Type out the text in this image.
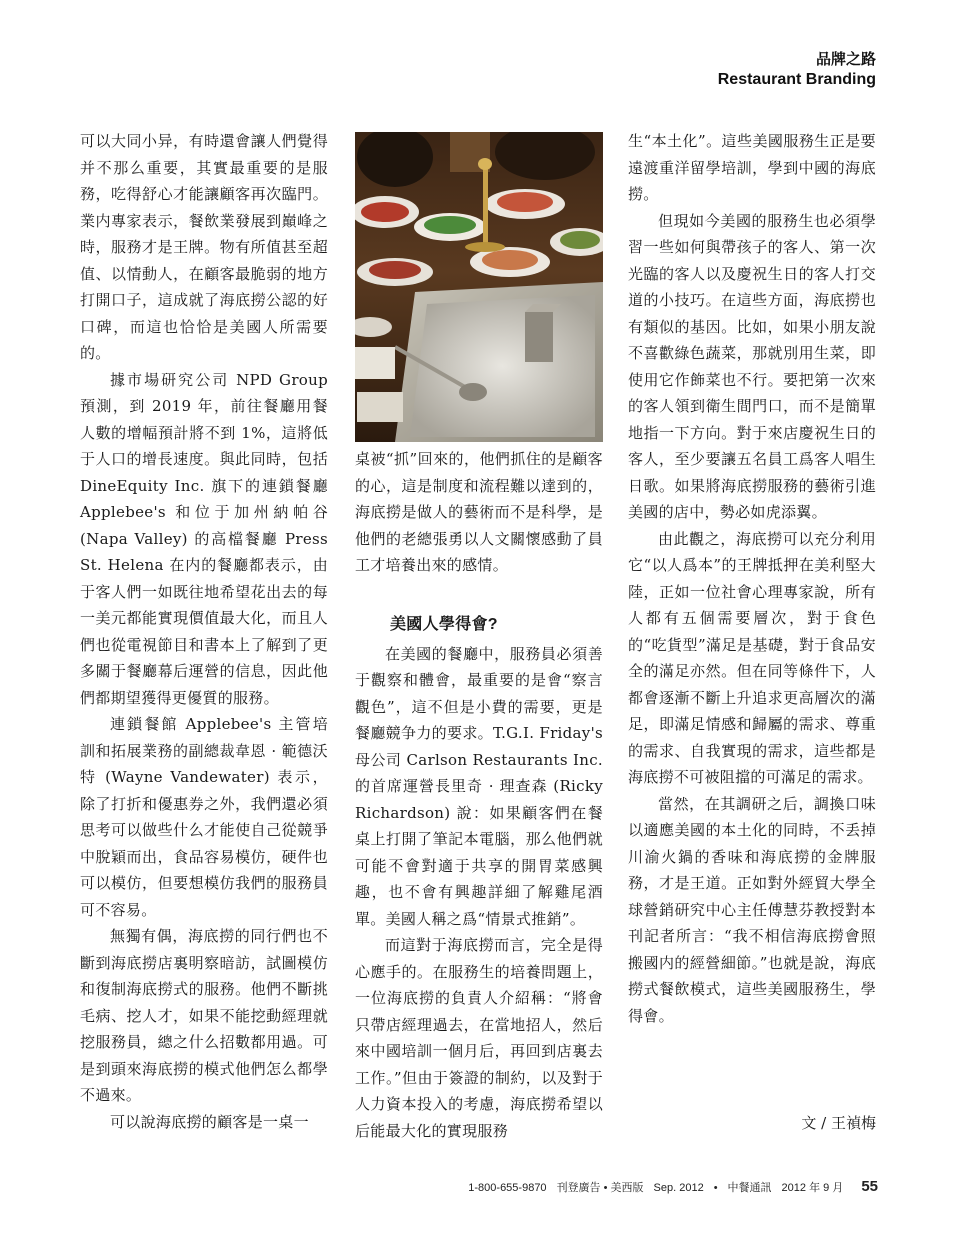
品牌之路
Restaurant Branding

可以大同小异，有時還會讓人們覺得并不那么重要，其實最重要的是服務，吃得舒心才能讓顧客再次臨門。業内專家表示，餐飲業發展到巔峰之時，服務才是王牌。物有所值甚至超值、以情動人，在顧客最脆弱的地方打開口子，這成就了海底撈公認的好口碑，而這也恰恰是美國人所需要的。

據市場研究公司 NPD Group 預測，到 2019 年，前往餐廳用餐人數的增幅預計將不到 1%，這將低于人口的增長速度。與此同時，包括 DineEquity Inc. 旗下的連鎖餐廳 Applebee's 和位于加州納帕谷 (Napa Valley) 的高檔餐廳 Press St. Helena 在内的餐廳都表示，由于客人們一如既往地希望花出去的每一美元都能實現價值最大化，而且人們也從電視節目和書本上了解到了更多關于餐廳幕后運營的信息，因此他們都期望獲得更優質的服務。

連鎖餐館 Applebee's 主管培訓和拓展業務的副總裁韋恩 · 範德沃特 (Wayne Vandewater) 表示，除了打折和優惠券之外，我們還必須思考可以做些什么才能使自己從競爭中脫穎而出，食品容易模仿，硬件也可以模仿，但要想模仿我們的服務員可不容易。

無獨有偶，海底撈的同行們也不斷到海底撈店裏明察暗訪，試圖模仿和復制海底撈式的服務。他們不斷挑毛病、挖人才，如果不能挖動經理就挖服務員，總之什么招數都用過。可是到頭來海底撈的模式他們怎么都學不過來。

可以說海底撈的顧客是一桌一

桌被“抓”回來的，他們抓住的是顧客的心，這是制度和流程難以達到的，海底撈是做人的藝術而不是科學，是他們的老總張勇以人文關懷感動了員工才培養出來的感情。

美國人學得會?

在美國的餐廳中，服務員必須善于觀察和體會，最重要的是會“察言觀色”，這不但是小費的需要，更是餐廳競争力的要求。T.G.I. Friday's 母公司 Carlson Restaurants Inc. 的首席運營長里奇 · 理查森 (Ricky Richardson) 說：如果顧客們在餐桌上打開了筆記本電腦，那么他們就可能不會對適于共享的開胃菜感興趣，也不會有興趣詳細了解雞尾酒單。美國人稱之爲“情景式推銷”。

而這對于海底撈而言，完全是得心應手的。在服務生的培養問題上，一位海底撈的負責人介紹稱：“將會只帶店經理過去，在當地招人，然后來中國培訓一個月后，再回到店裏去工作。”但由于簽證的制約，以及對于人力資本投入的考慮，海底撈希望以后能最大化的實現服務

生“本土化”。這些美國服務生正是要遠渡重洋留學培訓，學到中國的海底撈。

但現如今美國的服務生也必須學習一些如何與帶孩子的客人、第一次光臨的客人以及慶祝生日的客人打交道的小技巧。在這些方面，海底撈也有類似的基因。比如，如果小朋友說不喜歡綠色蔬菜，那就別用生菜，即使用它作飾菜也不行。要把第一次來的客人領到衛生間門口，而不是簡單地指一下方向。對于來店慶祝生日的客人，至少要讓五名員工爲客人唱生日歌。如果將海底撈服務的藝術引進美國的店中，勢必如虎添翼。

由此觀之，海底撈可以充分利用它“以人爲本”的王牌抵押在美利堅大陸，正如一位社會心理專家說，所有人都有五個需要層次，對于食色的“吃貨型”滿足是基礎，對于食品安全的滿足亦然。但在同等條件下，人都會逐漸不斷上升追求更高層次的滿足，即滿足情感和歸屬的需求、尊重的需求、自我實現的需求，這些都是海底撈不可被阻擋的可滿足的需求。

當然，在其調研之后，調換口味以適應美國的本土化的同時，不丢掉川渝火鍋的香味和海底撈的金牌服務，才是王道。正如對外經貿大學全球營銷研究中心主任傅慧芬教授對本刊記者所言：“我不相信海底撈會照搬國内的經營細節。”也就是說，海底撈式餐飲模式，這些美國服務生，學得會。

文 / 王禎梅
1-800-655-9870 刊登廣告 • 美西版 Sep. 2012 • 中餐通訊 2012 年 9 月 55
